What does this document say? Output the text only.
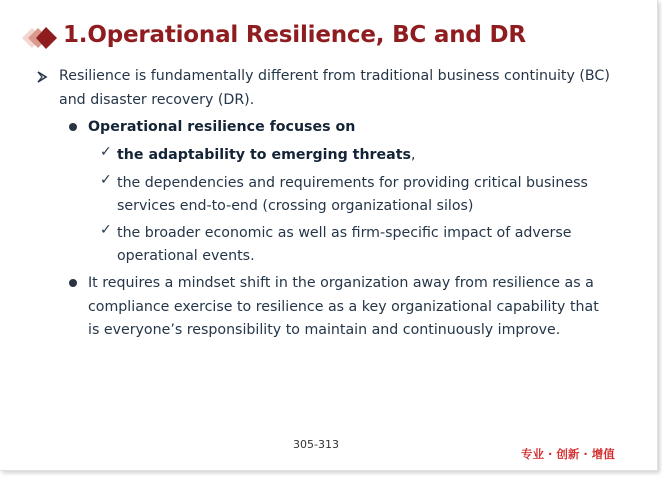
1.Operational Resilience, BC and DR
Resilience is fundamentally different from traditional business continuity (BC)
and disaster recovery (DR).
Operational resilience focuses on
✓ the adaptability to emerging threats,
✓ the dependencies and requirements for providing critical business
services end-to-end (crossing organizational silos)
✓ the broader economic as well as firm-specific impact of adverse
operational events.
It requires a mindset shift in the organization away from resilience as a
compliance exercise to resilience as a key organizational capability that
is everyone’s responsibility to maintain and continuously improve.
305-313
专业 · 创新 · 增值
